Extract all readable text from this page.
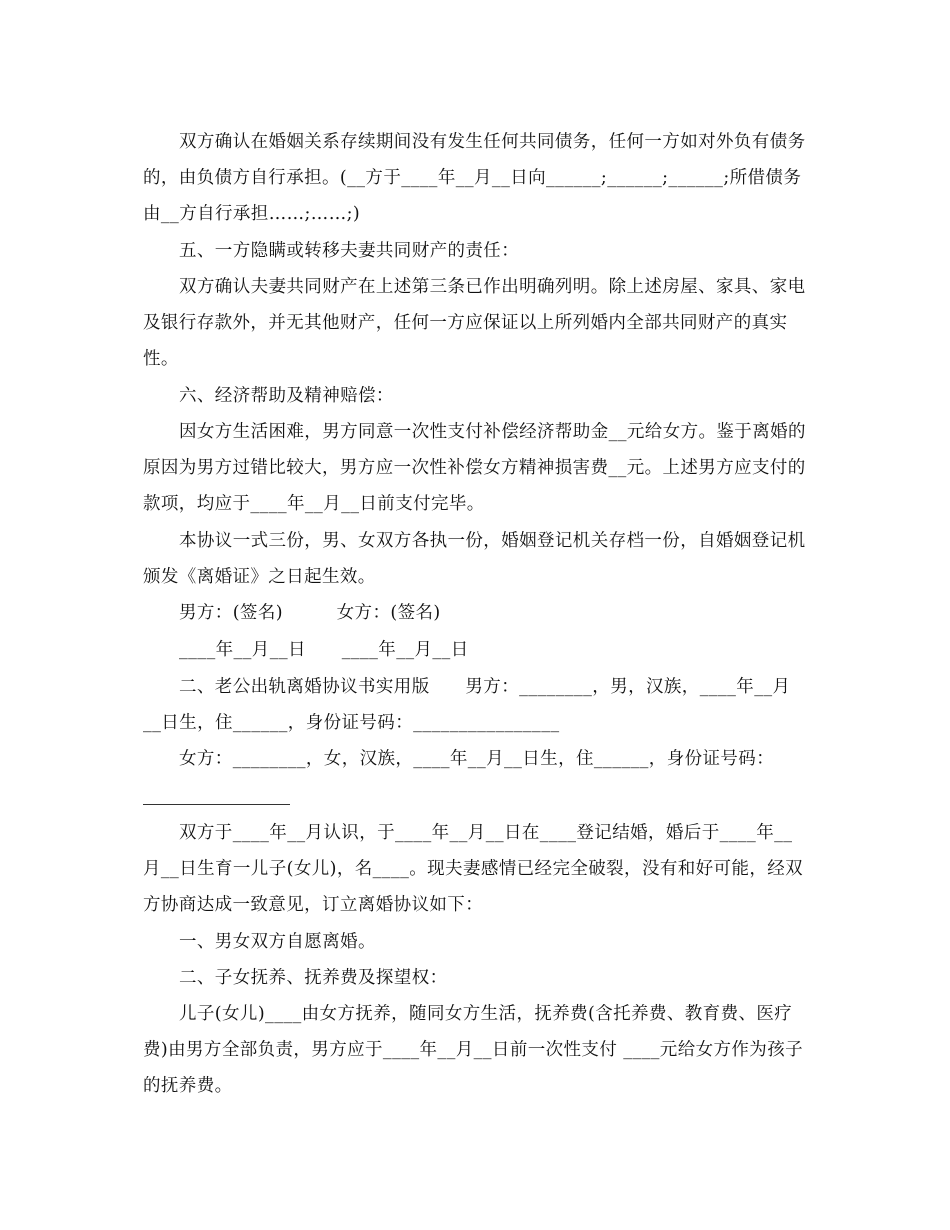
双方确认在婚姻关系存续期间没有发生任何共同债务，任何一方如对外负有债务的，由负债方自行承担。(__方于____年__月__日向______;______;______;所借债务由__方自行承担……;……;)

五、一方隐瞒或转移夫妻共同财产的责任：

双方确认夫妻共同财产在上述第三条已作出明确列明。除上述房屋、家具、家电及银行存款外，并无其他财产，任何一方应保证以上所列婚内全部共同财产的真实性。

六、经济帮助及精神赔偿：

因女方生活困难，男方同意一次性支付补偿经济帮助金__元给女方。鉴于离婚的原因为男方过错比较大，男方应一次性补偿女方精神损害费__元。上述男方应支付的款项，均应于____年__月__日前支付完毕。

本协议一式三份，男、女双方各执一份，婚姻登记机关存档一份，自婚姻登记机颁发《离婚证》之日起生效。

男方：(签名)　　　女方：(签名)

____年__月__日　　____年__月__日

二、老公出轨离婚协议书实用版　　男方：________，男，汉族，____年__月__日生，住______，身份证号码：________________

女方：________，女，汉族，____年__月__日生，住______，身份证号码：

双方于____年__月认识，于____年__月__日在____登记结婚，婚后于____年__月__日生育一儿子(女儿)，名____。现夫妻感情已经完全破裂，没有和好可能，经双方协商达成一致意见，订立离婚协议如下：

一、男女双方自愿离婚。

二、子女抚养、抚养费及探望权：

儿子(女儿)____由女方抚养，随同女方生活，抚养费(含托养费、教育费、医疗费)由男方全部负责，男方应于____年__月__日前一次性支付 ____元给女方作为孩子的抚养费。
